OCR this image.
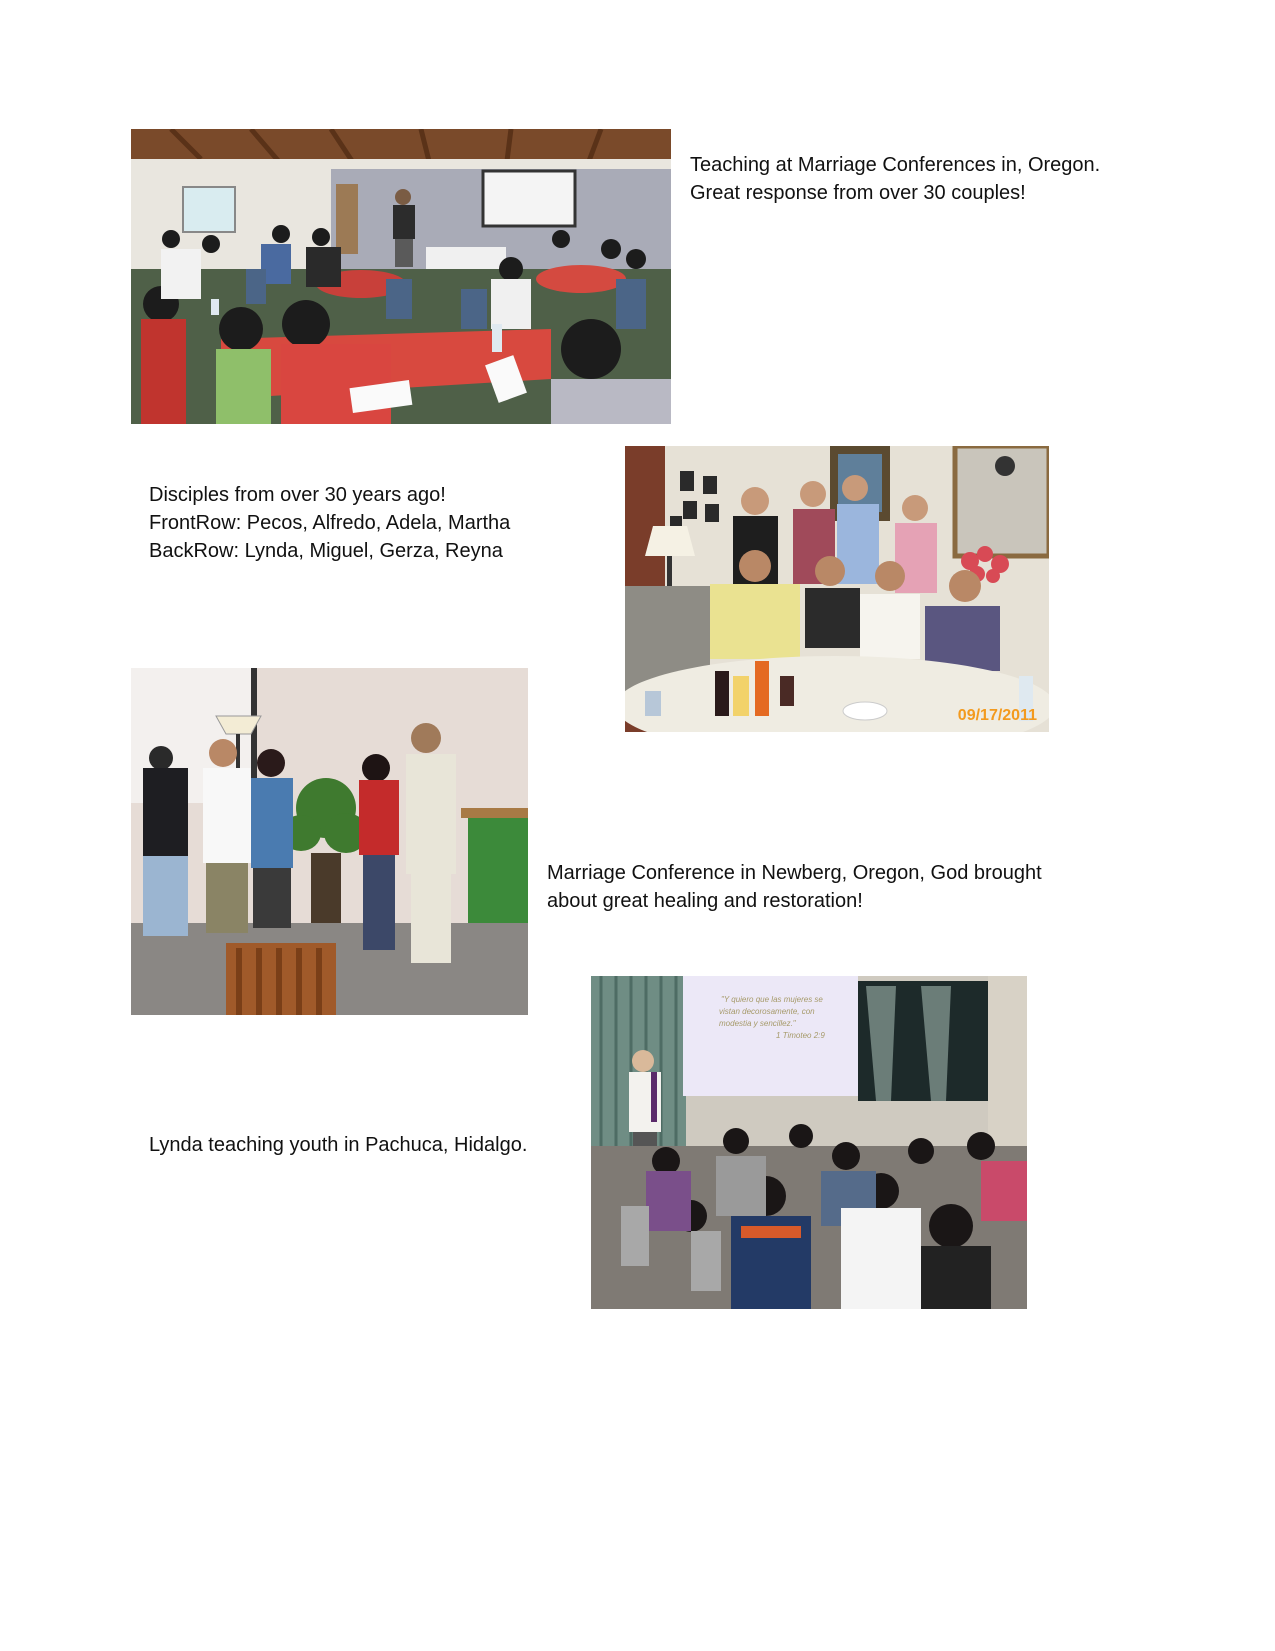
Teaching at Marriage Conferences in, Oregon.
Great response from over 30 couples!
Disciples from over 30 years ago!
FrontRow: Pecos, Alfredo, Adela, Martha
BackRow: Lynda, Miguel, Gerza, Reyna
09/17/2011
Marriage Conference in Newberg, Oregon, God brought
about great healing and restoration!
Lynda teaching youth in Pachuca, Hidalgo.
"Y quiero que las mujeres se
vistan decorosamente, con
modestia y sencillez."
1 Timoteo 2:9
